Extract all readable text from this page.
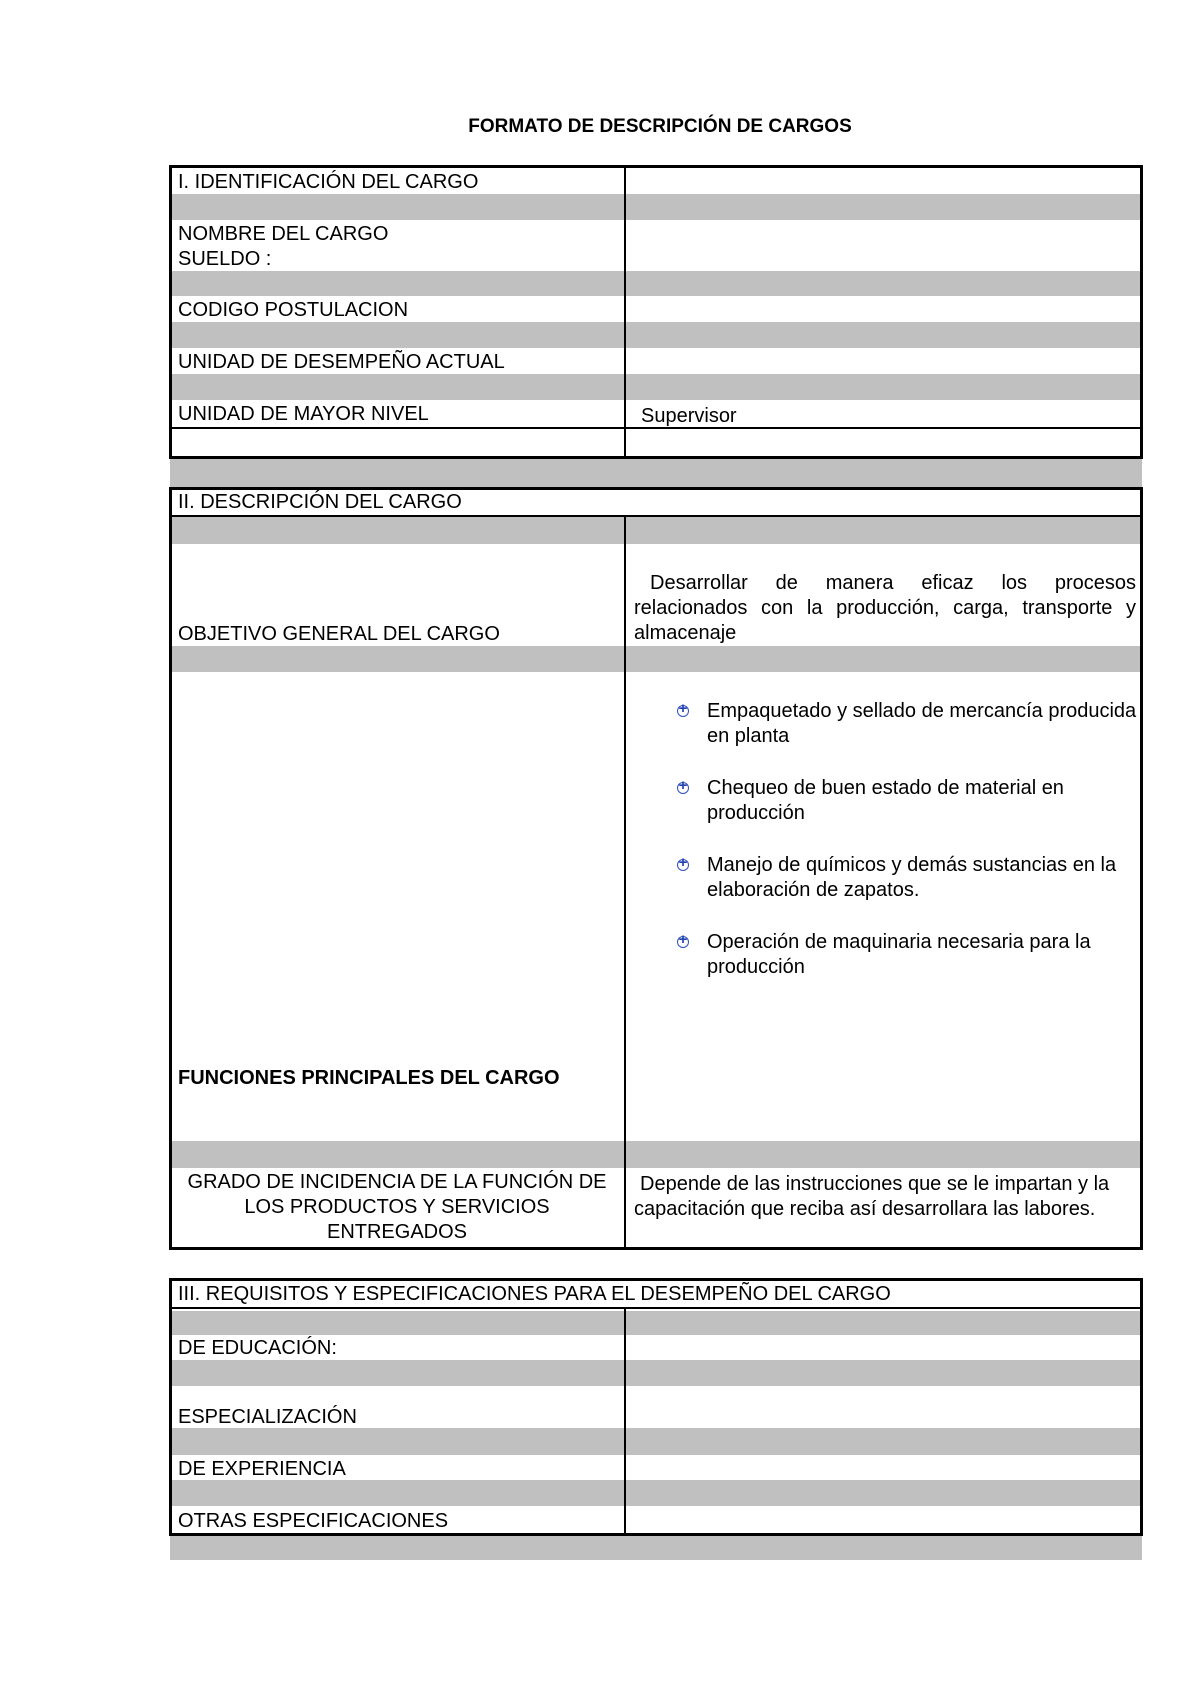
FORMATO DE DESCRIPCIÓN DE CARGOS
I. IDENTIFICACIÓN DEL CARGO
NOMBRE DEL CARGO
SUELDO :
CODIGO POSTULACION
UNIDAD DE DESEMPEÑO ACTUAL
UNIDAD DE MAYOR NIVEL	Supervisor
II. DESCRIPCIÓN DEL CARGO
OBJETIVO GENERAL DEL CARGO
Desarrollar de manera eficaz los procesos relacionados con la producción, carga, transporte y almacenaje
FUNCIONES PRINCIPALES DEL CARGO
+
Empaquetado y sellado de mercancía producida en planta
+
Chequeo de buen estado de material en producción
+
Manejo de químicos y demás sustancias en la elaboración de zapatos.
+
Operación de maquinaria necesaria para la producción
GRADO DE INCIDENCIA DE LA FUNCIÓN DE LOS PRODUCTOS Y SERVICIOS ENTREGADOS
Depende de las instrucciones que se le impartan y la capacitación que reciba así desarrollara las labores.
III. REQUISITOS Y ESPECIFICACIONES PARA EL DESEMPEÑO DEL CARGO
DE EDUCACIÓN:
ESPECIALIZACIÓN
DE EXPERIENCIA
OTRAS ESPECIFICACIONES
